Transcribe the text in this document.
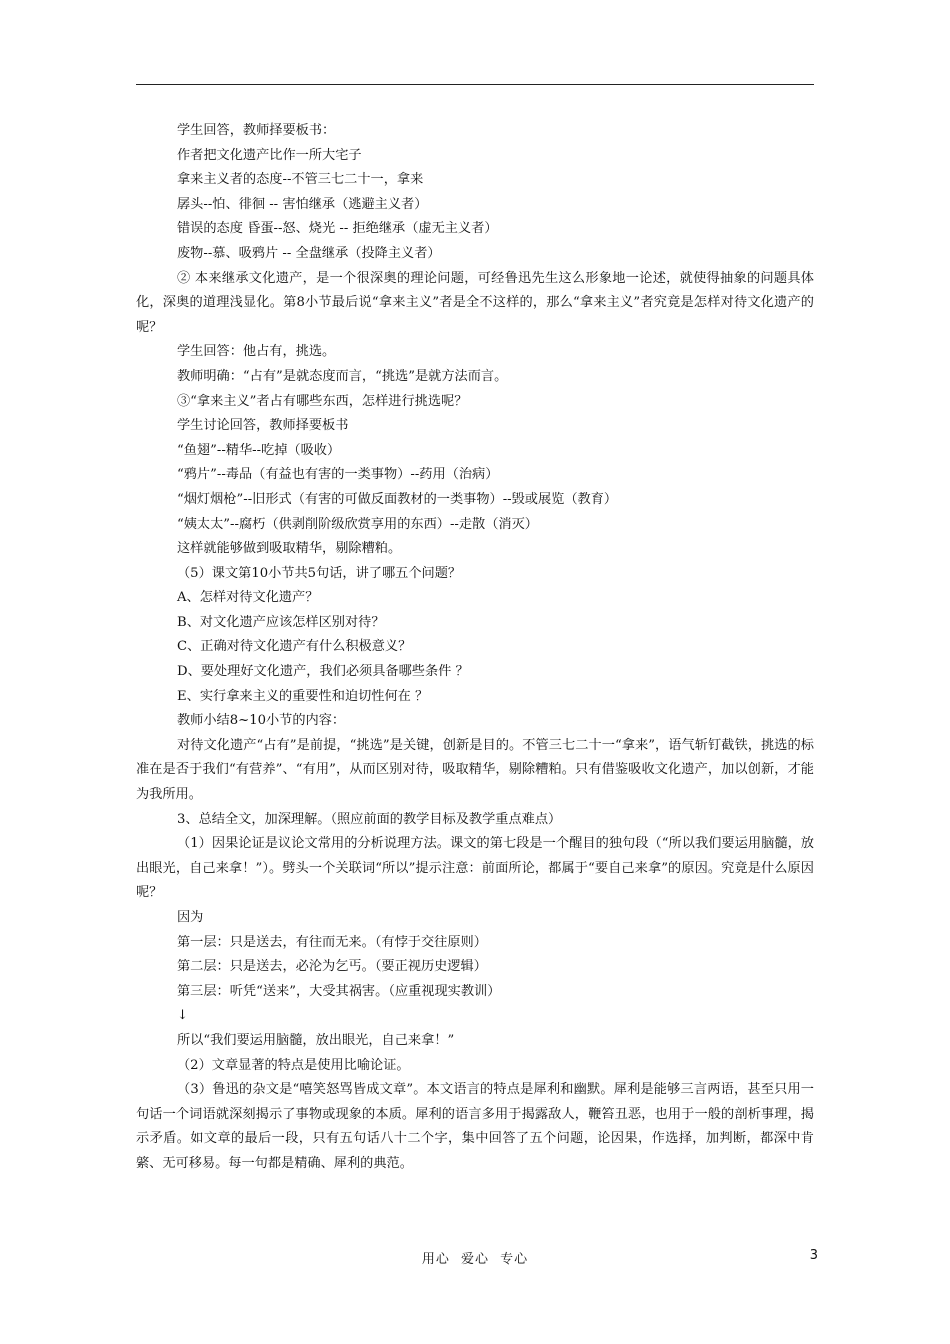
学生回答，教师择要板书：

作者把文化遗产比作一所大宅子

拿来主义者的态度--不管三七二十一，拿来

孱头--怕、徘徊 -- 害怕继承（逃避主义者）

错误的态度 昏蛋--怒、烧光 -- 拒绝继承（虚无主义者）

废物--慕、吸鸦片 -- 全盘继承（投降主义者）

② 本来继承文化遗产，是一个很深奥的理论问题，可经鲁迅先生这么形象地一论述，就使得抽象的问题具体化，深奥的道理浅显化。第8小节最后说“拿来主义”者是全不这样的，那么“拿来主义”者究竟是怎样对待文化遗产的呢？

学生回答：他占有，挑选。

教师明确：“占有”是就态度而言，“挑选”是就方法而言。

③“拿来主义”者占有哪些东西，怎样进行挑选呢？

学生讨论回答，教师择要板书

“鱼翅”--精华--吃掉（吸收）

“鸦片”--毒品（有益也有害的一类事物）--药用（治病）

“烟灯烟枪”--旧形式（有害的可做反面教材的一类事物）--毁或展览（教育）

“姨太太”--腐朽（供剥削阶级欣赏享用的东西）--走散（消灭）

这样就能够做到吸取精华，剔除糟粕。

（5）课文第10小节共5句话，讲了哪五个问题？

A、怎样对待文化遗产？

B、对文化遗产应该怎样区别对待？

C、正确对待文化遗产有什么积极意义？

D、要处理好文化遗产，我们必须具备哪些条件 ？

E、实行拿来主义的重要性和迫切性何在 ？

教师小结8~10小节的内容：

对待文化遗产“占有”是前提，“挑选”是关键，创新是目的。不管三七二十一“拿来”，语气斩钉截铁，挑选的标准在是否于我们“有营养”、“有用”，从而区别对待，吸取精华，剔除糟粕。只有借鉴吸收文化遗产，加以创新，才能为我所用。

3、总结全文，加深理解。（照应前面的教学目标及教学重点难点）

（1）因果论证是议论文常用的分析说理方法。课文的第七段是一个醒目的独句段（“所以我们要运用脑髓，放出眼光，自己来拿！”）。劈头一个关联词“所以”提示注意：前面所论，都属于“要自己来拿”的原因。究竟是什么原因呢？

因为

第一层：只是送去，有往而无来。（有悖于交往原则）

第二层：只是送去，必沦为乞丐。（要正视历史逻辑）

第三层：听凭“送来”，大受其祸害。（应重视现实教训）

↓

所以“我们要运用脑髓，放出眼光，自己来拿！”

（2）文章显著的特点是使用比喻论证。

（3）鲁迅的杂文是“嘻笑怒骂皆成文章”。本文语言的特点是犀利和幽默。犀利是能够三言两语，甚至只用一句话一个词语就深刻揭示了事物或现象的本质。犀利的语言多用于揭露敌人，鞭笞丑恶，也用于一般的剖析事理，揭示矛盾。如文章的最后一段，只有五句话八十二个字，集中回答了五个问题，论因果，作选择，加判断，都深中肯綮、无可移易。每一句都是精确、犀利的典范。

用心 爱心 专心	3
